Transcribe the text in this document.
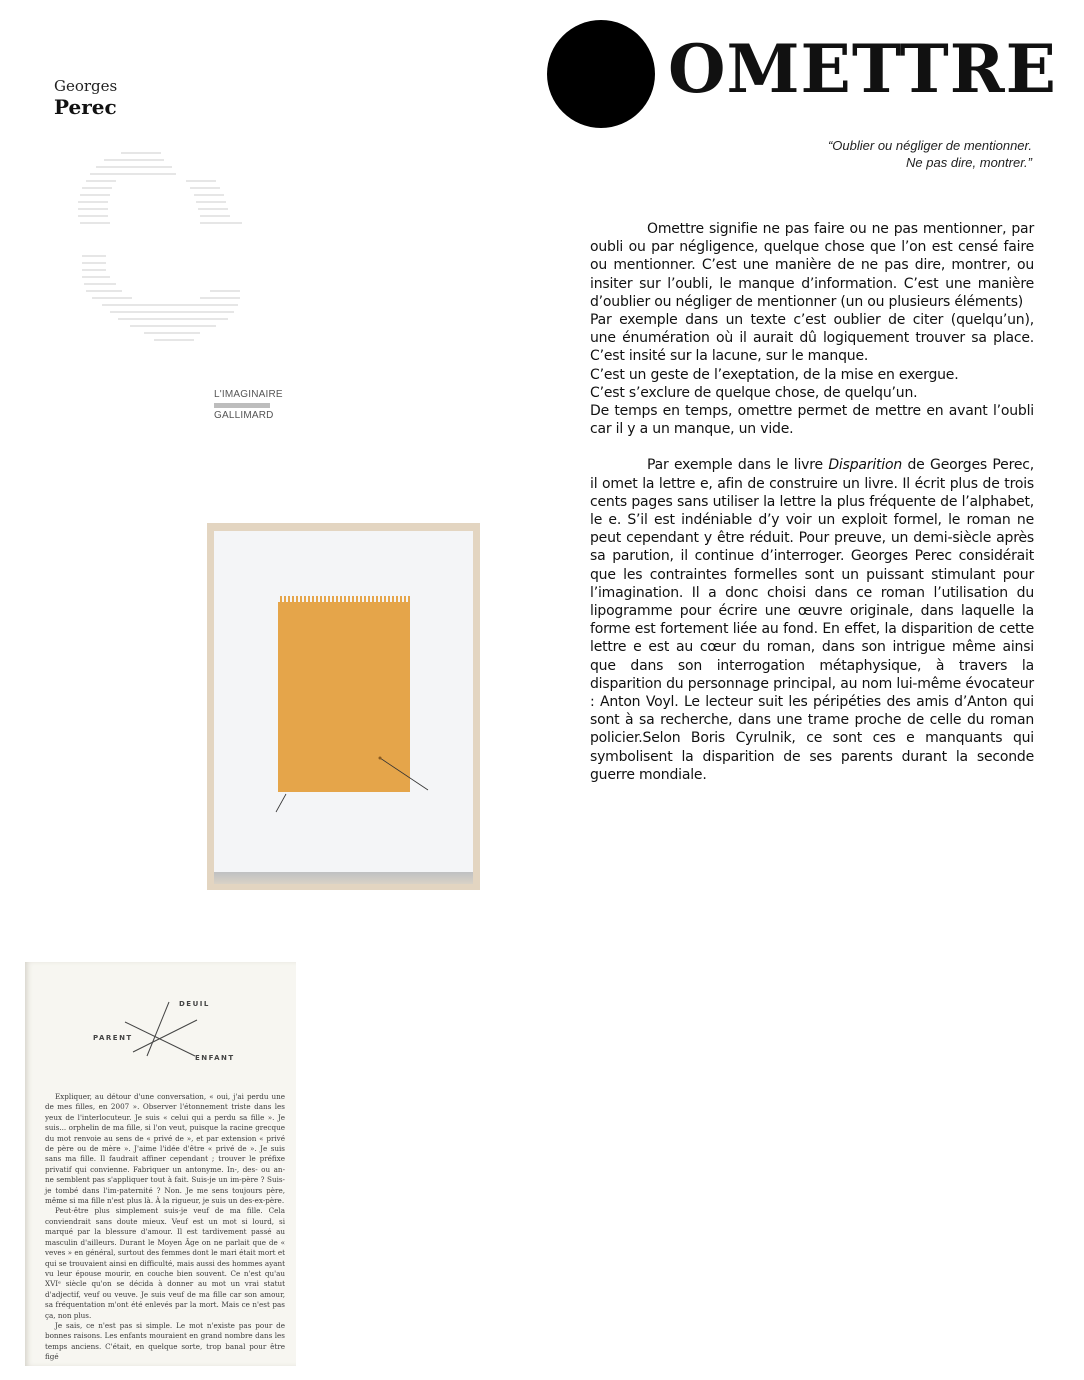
Georges
Perec	OMETTRE
“Oublier ou négliger de mentionner.
Ne pas dire, montrer.”
L'IMAGINAIRE
GALLIMARD
DEUIL
PARENT
ENFANT

Expliquer, au détour d'une conversation, « oui, j'ai perdu une de mes filles, en 2007 ». Observer l'étonnement triste dans les yeux de l'interlocuteur. Je suis « celui qui a perdu sa fille ». Je suis... orphelin de ma fille, si l'on veut, puisque la racine grecque du mot renvoie au sens de « privé de », et par extension « privé de père ou de mère ». J'aime l'idée d'être « privé de ». Je suis sans ma fille. Il faudrait affiner cependant ; trouver le préfixe privatif qui convienne. Fabriquer un antonyme. In-, des- ou an- ne semblent pas s'appliquer tout à fait. Suis-je un im-père ? Suis-je tombé dans l'im-paternité ? Non. Je me sens toujours père, même si ma fille n'est plus là. À la rigueur, je suis un des-ex-père.

Peut-être plus simplement suis-je veuf de ma fille. Cela conviendrait sans doute mieux. Veuf est un mot si lourd, si marqué par la blessure d'amour. Il est tardivement passé au masculin d'ailleurs. Durant le Moyen Âge on ne parlait que de « veves » en général, surtout des femmes dont le mari était mort et qui se trouvaient ainsi en difficulté, mais aussi des hommes ayant vu leur épouse mourir, en couche bien souvent. Ce n'est qu'au XVIᵉ siècle qu'on se décida à donner au mot un vrai statut d'adjectif, veuf ou veuve. Je suis veuf de ma fille car son amour, sa fréquentation m'ont été enlevés par la mort. Mais ce n'est pas ça, non plus.

Je sais, ce n'est pas si simple. Le mot n'existe pas pour de bonnes raisons. Les enfants mouraient en grand nombre dans les temps anciens. C'était, en quelque sorte, trop banal pour être figé

Omettre signifie ne pas faire ou ne pas mentionner, par oubli ou par négligence, quelque chose que l’on est censé faire ou mentionner. C’est une manière de ne pas dire, montrer, ou insiter sur l’oubli, le manque d’information. C’est une manière d’oublier ou négliger de mentionner (un ou plusieurs éléments)

Par exemple dans un texte c’est oublier de citer (quelqu’un), une énumération où il aurait dû logiquement trouver sa place. C’est insité sur la lacune, sur le manque.

C’est un geste de l’exeptation, de la mise en exergue.

C’est s’exclure de quelque chose, de quelqu’un.

De temps en temps, omettre permet de mettre en avant l’oubli car il y a un manque, un vide.

Par exemple dans le livre Disparition de Georges Perec, il omet la lettre e, afin de construire un livre. Il écrit plus de trois cents pages sans utiliser la lettre la plus fréquente de l’alphabet, le e. S’il est indéniable d’y voir un exploit formel, le roman ne peut cependant y être réduit. Pour preuve, un demi-siècle après sa parution, il continue d’interroger. Georges Perec considérait que les contraintes formelles sont un puissant stimulant pour l’imagination. Il a donc choisi dans ce roman l’utilisation du lipogramme pour écrire une œuvre originale, dans laquelle la forme est fortement liée au fond. En effet, la disparition de cette lettre e est au cœur du roman, dans son intrigue même ainsi que dans son interrogation métaphysique, à travers la disparition du personnage principal, au nom lui-même évocateur : Anton Voyl. Le lecteur suit les péripéties des amis d’Anton qui sont à sa recherche, dans une trame proche de celle du roman policier.Selon Boris Cyrulnik, ce sont ces e manquants qui symbolisent la disparition de ses parents durant la seconde guerre mondiale.
